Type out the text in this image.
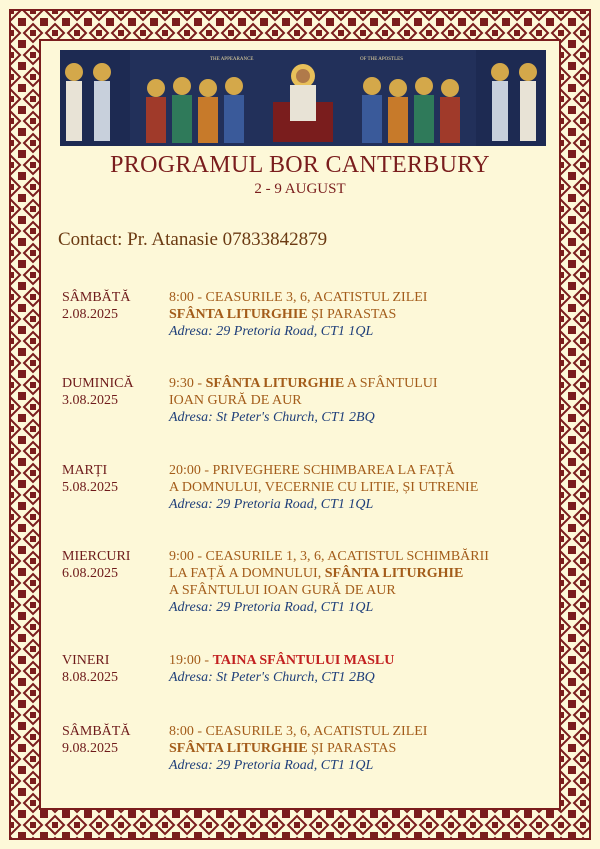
THE APPEARANCE	OF THE APOSTLES
PROGRAMUL BOR CANTERBURY
2 - 9 AUGUST
Contact: Pr. Atanasie 07833842879
SÂMBĂTĂ
2.08.2025
8:00 - CEASURILE 3, 6, ACATISTUL ZILEI
SFÂNTA LITURGHIE ȘI PARASTAS
Adresa: 29 Pretoria Road, CT1 1QL
DUMINICĂ
3.08.2025
9:30 - SFÂNTA LITURGHIE A SFÂNTULUI
IOAN GURĂ DE AUR
Adresa: St Peter's Church, CT1 2BQ
MARȚI
5.08.2025
20:00 - PRIVEGHERE SCHIMBAREA LA FAȚĂ
A DOMNULUI, VECERNIE CU LITIE, ȘI UTRENIE
Adresa: 29 Pretoria Road, CT1 1QL
MIERCURI
6.08.2025
9:00 - CEASURILE 1, 3, 6, ACATISTUL SCHIMBĂRII
LA FAȚĂ A DOMNULUI, SFÂNTA LITURGHIE
A SFÂNTULUI IOAN GURĂ DE AUR
Adresa: 29 Pretoria Road, CT1 1QL
VINERI
8.08.2025
19:00 - TAINA SFÂNTULUI MASLU
Adresa: St Peter's Church, CT1 2BQ
SÂMBĂTĂ
9.08.2025
8:00 - CEASURILE 3, 6, ACATISTUL ZILEI
SFÂNTA LITURGHIE ȘI PARASTAS
Adresa: 29 Pretoria Road, CT1 1QL
